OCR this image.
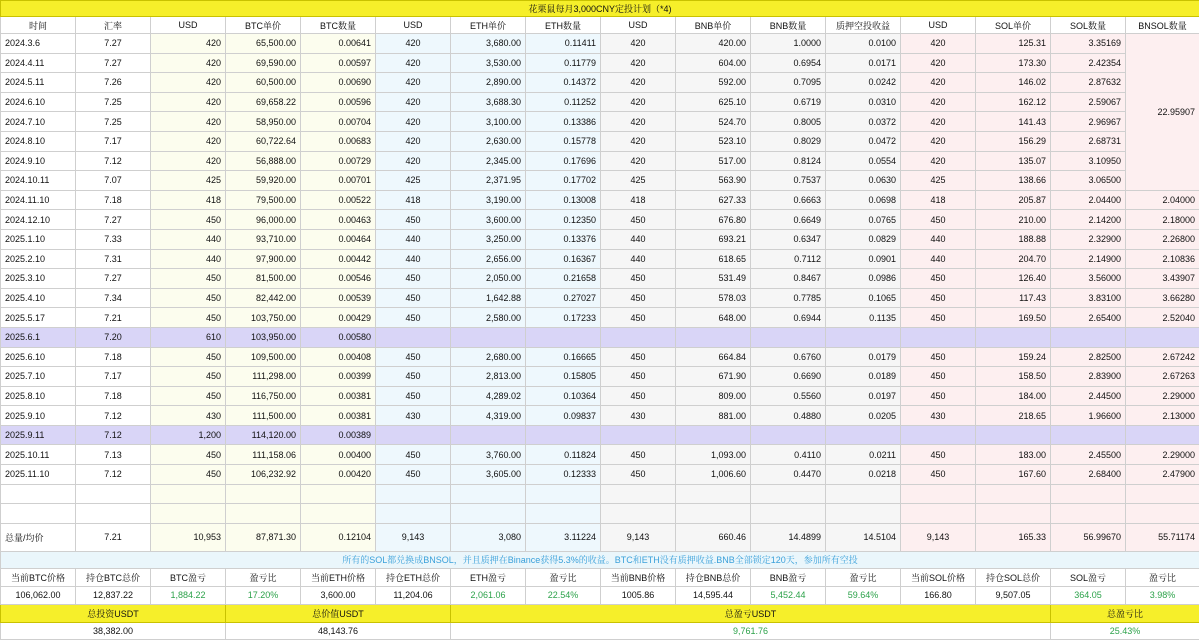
花栗鼠每月3,000CNY定投计划（*4)															
时间	汇率	USD	BTC单价	BTC数量	USD	ETH单价	ETH数量	USD	BNB单价	BNB数量	质押空投收益	USD	SOL单价	SOL数量	BNSOL数量
2024.3.6	7.27	420	65,500.00	0.00641	420	3,680.00	0.11411	420	420.00	1.0000	0.0100	420	125.31	3.35169	22.95907
2024.4.11	7.27	420	69,590.00	0.00597	420	3,530.00	0.11779	420	604.00	0.6954	0.0171	420	173.30	2.42354	
2024.5.11	7.26	420	60,500.00	0.00690	420	2,890.00	0.14372	420	592.00	0.7095	0.0242	420	146.02	2.87632	
2024.6.10	7.25	420	69,658.22	0.00596	420	3,688.30	0.11252	420	625.10	0.6719	0.0310	420	162.12	2.59067	
2024.7.10	7.25	420	58,950.00	0.00704	420	3,100.00	0.13386	420	524.70	0.8005	0.0372	420	141.43	2.96967	
2024.8.10	7.17	420	60,722.64	0.00683	420	2,630.00	0.15778	420	523.10	0.8029	0.0472	420	156.29	2.68731	
2024.9.10	7.12	420	56,888.00	0.00729	420	2,345.00	0.17696	420	517.00	0.8124	0.0554	420	135.07	3.10950	
2024.10.11	7.07	425	59,920.00	0.00701	425	2,371.95	0.17702	425	563.90	0.7537	0.0630	425	138.66	3.06500	
2024.11.10	7.18	418	79,500.00	0.00522	418	3,190.00	0.13008	418	627.33	0.6663	0.0698	418	205.87	2.04400	2.04000
2024.12.10	7.27	450	96,000.00	0.00463	450	3,600.00	0.12350	450	676.80	0.6649	0.0765	450	210.00	2.14200	2.18000
2025.1.10	7.33	440	93,710.00	0.00464	440	3,250.00	0.13376	440	693.21	0.6347	0.0829	440	188.88	2.32900	2.26800
2025.2.10	7.31	440	97,900.00	0.00442	440	2,656.00	0.16367	440	618.65	0.7112	0.0901	440	204.70	2.14900	2.10836
2025.3.10	7.27	450	81,500.00	0.00546	450	2,050.00	0.21658	450	531.49	0.8467	0.0986	450	126.40	3.56000	3.43907
2025.4.10	7.34	450	82,442.00	0.00539	450	1,642.88	0.27027	450	578.03	0.7785	0.1065	450	117.43	3.83100	3.66280
2025.5.17	7.21	450	103,750.00	0.00429	450	2,580.00	0.17233	450	648.00	0.6944	0.1135	450	169.50	2.65400	2.52040
2025.6.1	7.20	610	103,950.00	0.00580											
2025.6.10	7.18	450	109,500.00	0.00408	450	2,680.00	0.16665	450	664.84	0.6760	0.0179	450	159.24	2.82500	2.67242
2025.7.10	7.17	450	111,298.00	0.00399	450	2,813.00	0.15805	450	671.90	0.6690	0.0189	450	158.50	2.83900	2.67263
2025.8.10	7.18	450	116,750.00	0.00381	450	4,289.02	0.10364	450	809.00	0.5560	0.0197	450	184.00	2.44500	2.29000
2025.9.10	7.12	430	111,500.00	0.00381	430	4,319.00	0.09837	430	881.00	0.4880	0.0205	430	218.65	1.96600	2.13000
2025.9.11	7.12	1,200	114,120.00	0.00389											
2025.10.11	7.13	450	111,158.06	0.00400	450	3,760.00	0.11824	450	1,093.00	0.4110	0.0211	450	183.00	2.45500	2.29000
2025.11.10	7.12	450	106,232.92	0.00420	450	3,605.00	0.12333	450	1,006.60	0.4470	0.0218	450	167.60	2.68400	2.47900

总量/均价	7.21	10,953	87,871.30	0.12104	9,143	3,080	3.11224	9,143	660.46	14.4899	14.5104	9,143	165.33	56.99670	55.71174
所有的SOL都兑换成BNSOL，并且质押在Binance获得5.3%的收益。BTC和ETH没有质押收益.BNB全部锁定120天，参加所有空投															
当前BTC价格	持仓BTC总价	BTC盈亏	盈亏比	当前ETH价格	持仓ETH总价	ETH盈亏	盈亏比	当前BNB价格	持仓BNB总价	BNB盈亏	盈亏比	当前SOL价格	持仓SOL总价	SOL盈亏	盈亏比
106,062.00	12,837.22	1,884.22	17.20%	3,600.00	11,204.06	2,061.06	22.54%	1005.86	14,595.44	5,452.44	59.64%	166.80	9,507.05	364.05	3.98%
总投资USDT			总价值USDT			总盈亏USDT								总盈亏比	
38,382.00			48,143.76			9,761.76								25.43%	
